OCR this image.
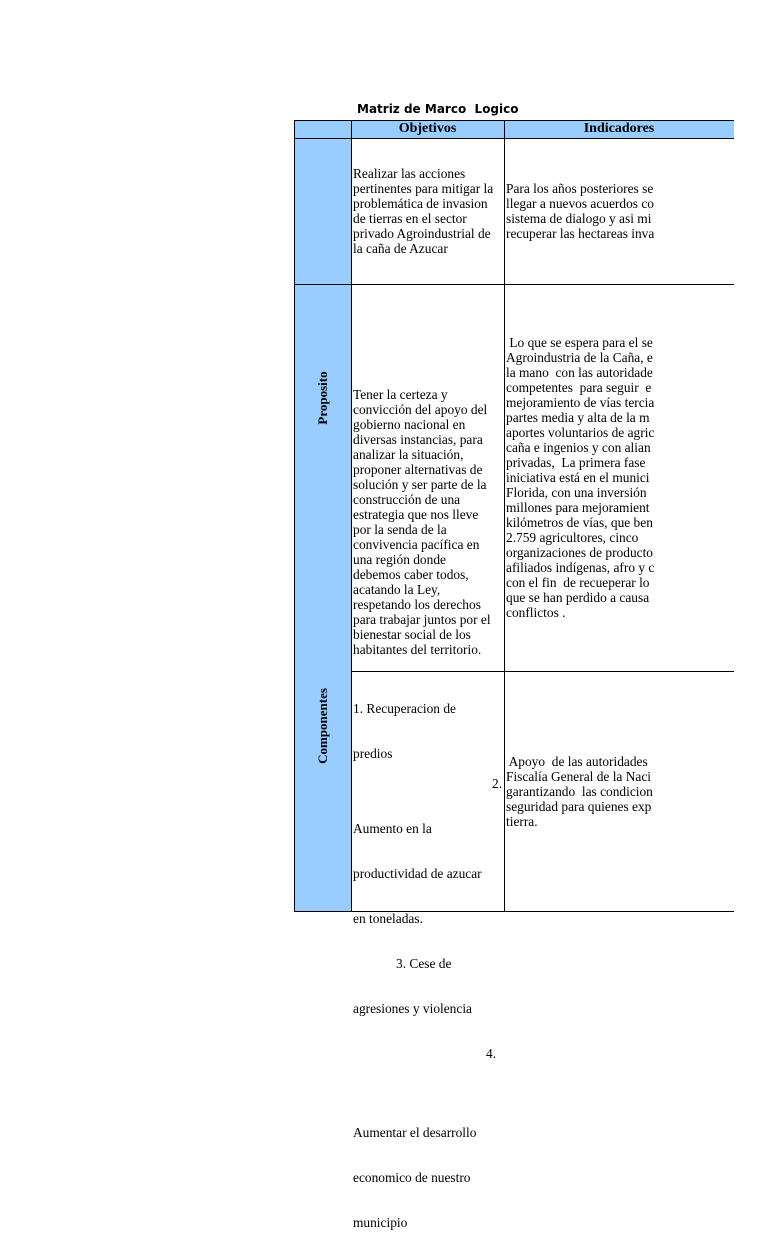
Matriz de Marco  Logico
Objetivos	Indicadores
Proposito
Componentes
Realizar las acciones
pertinentes para mitigar la
problemática de invasion
de tierras en el sector
privado Agroindustrial de
la caña de Azucar
Para los años posteriores se
llegar a nuevos acuerdos co
sistema de dialogo y asi mi
recuperar las hectareas inva
Tener la certeza y
convicción del apoyo del
gobierno nacional en
diversas instancias, para
analizar la situación,
proponer alternativas de
solución y ser parte de la
construcción de una
estrategia que nos lleve
por la senda de la
convivencia pacífica en
una región donde
debemos caber todos,
acatando la Ley,
respetando los derechos
para trabajar juntos por el
bienestar social de los
habitantes del territorio.
Lo que se espera para el se
Agroindustria de la Caña, e
la mano  con las autoridade
competentes  para seguir  e
mejoramiento de vías tercia
partes media y alta de la m
aportes voluntarios de agric
caña e ingenios y con alian
privadas,  La primera fase
iniciativa está en el munici
Florida, con una inversión
millones para mejoramient
kilómetros de vías, que ben
2.759 agricultores, cinco
organizaciones de producto
afiliados indígenas, afro y c
con el fin  de recueperar lo
que se han perdido a causa
conflictos .

1. Recuperacion de

predios

2.

Aumento en la

productividad de azucar

en toneladas.

3. Cese de

agresiones y violencia

4.

Aumentar el desarrollo

economico de nuestro

municipio

Apoyo  de las autoridades
Fiscalía General de la Naci
garantizando  las condicion
seguridad para quienes exp
tierra.
